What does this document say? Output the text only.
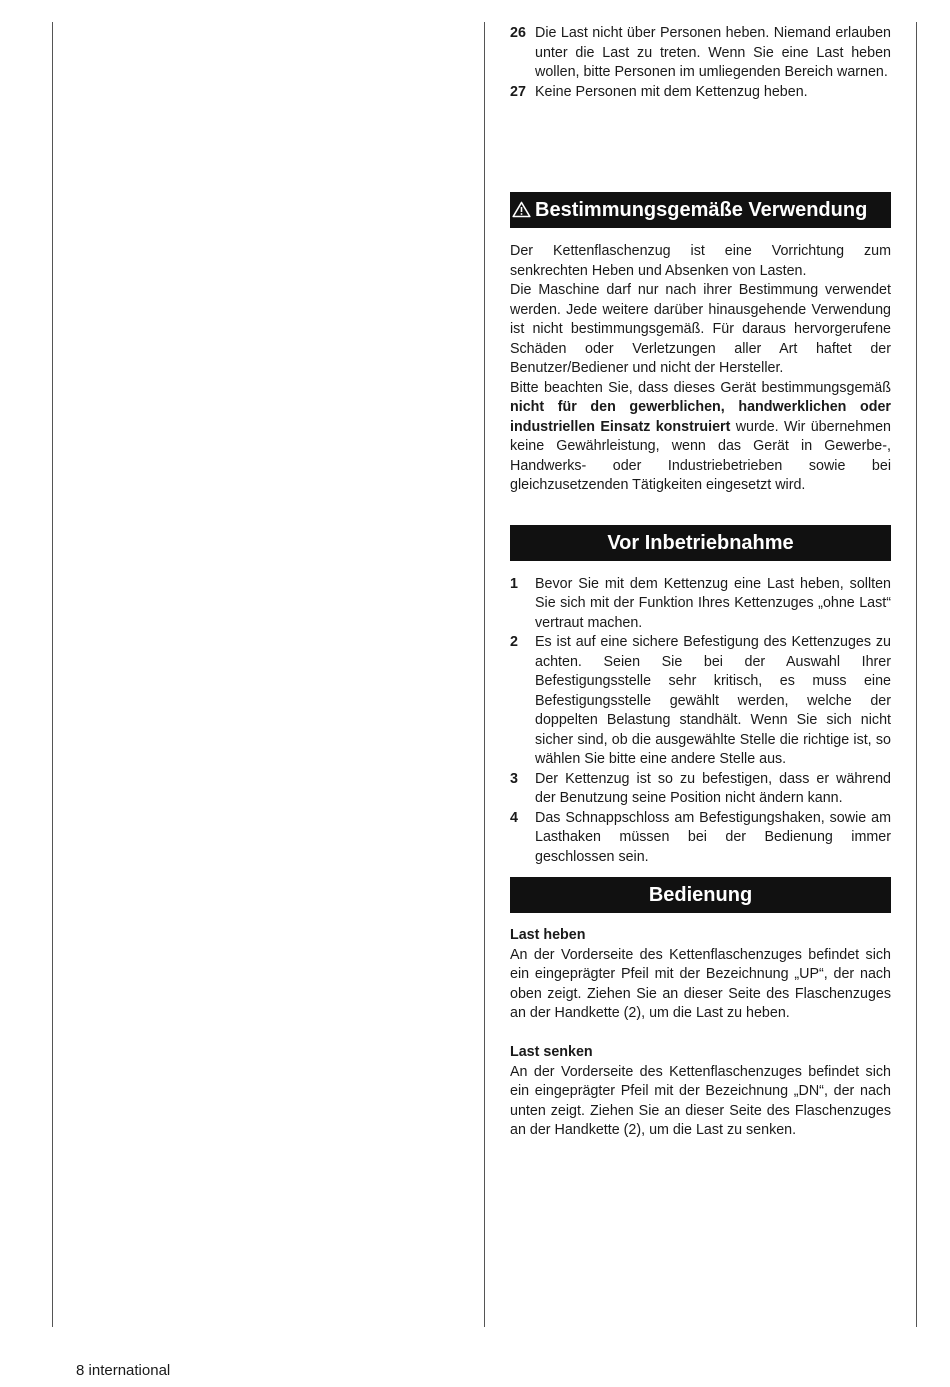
26 Die Last nicht über Personen heben. Niemand erlauben unter die Last zu treten. Wenn Sie eine Last heben wollen, bitte Personen im umliegenden Bereich warnen.
27 Keine Personen mit dem Kettenzug heben.
Bestimmungsgemäße Verwendung
Der Kettenflaschenzug ist eine Vorrichtung zum senkrechten Heben und Absenken von Lasten.
Die Maschine darf nur nach ihrer Bestimmung verwendet werden. Jede weitere darüber hinausgehende Verwendung ist nicht bestimmungsgemäß. Für daraus hervorgerufene Schäden oder Verletzungen aller Art haftet der Benutzer/Bediener und nicht der Hersteller.
Bitte beachten Sie, dass dieses Gerät bestimmungsgemäß nicht für den gewerblichen, handwerklichen oder industriellen Einsatz konstruiert wurde. Wir übernehmen keine Gewährleistung, wenn das Gerät in Gewerbe-, Handwerks- oder Industriebetrieben sowie bei gleichzusetzenden Tätigkeiten eingesetzt wird.
Vor Inbetriebnahme
1	Bevor Sie mit dem Kettenzug eine Last heben, sollten Sie sich mit der Funktion Ihres Kettenzuges „ohne Last“ vertraut machen.
2	Es ist auf eine sichere Befestigung des Kettenzuges zu achten. Seien Sie bei der Auswahl Ihrer Befestigungsstelle sehr kritisch, es muss eine Befestigungsstelle gewählt werden, welche der doppelten Belastung standhält. Wenn Sie sich nicht sicher sind, ob die ausgewählte Stelle die richtige ist, so wählen Sie bitte eine andere Stelle aus.
3	Der Kettenzug ist so zu befestigen, dass er während der Benutzung seine Position nicht ändern kann.
4	Das Schnappschloss am Befestigungshaken, sowie am Lasthaken müssen bei der Bedienung immer geschlossen sein.
Bedienung
Last heben
An der Vorderseite des Kettenflaschenzuges befindet sich ein eingeprägter Pfeil mit der Bezeichnung „UP“, der nach oben zeigt. Ziehen Sie an dieser Seite des Flaschenzuges an der Handkette (2), um die Last zu heben.
Last senken
An der Vorderseite des Kettenflaschenzuges befindet sich ein eingeprägter Pfeil mit der Bezeichnung „DN“, der nach unten zeigt. Ziehen Sie an dieser Seite des Flaschenzuges an der Handkette (2), um die Last zu senken.
8 international
